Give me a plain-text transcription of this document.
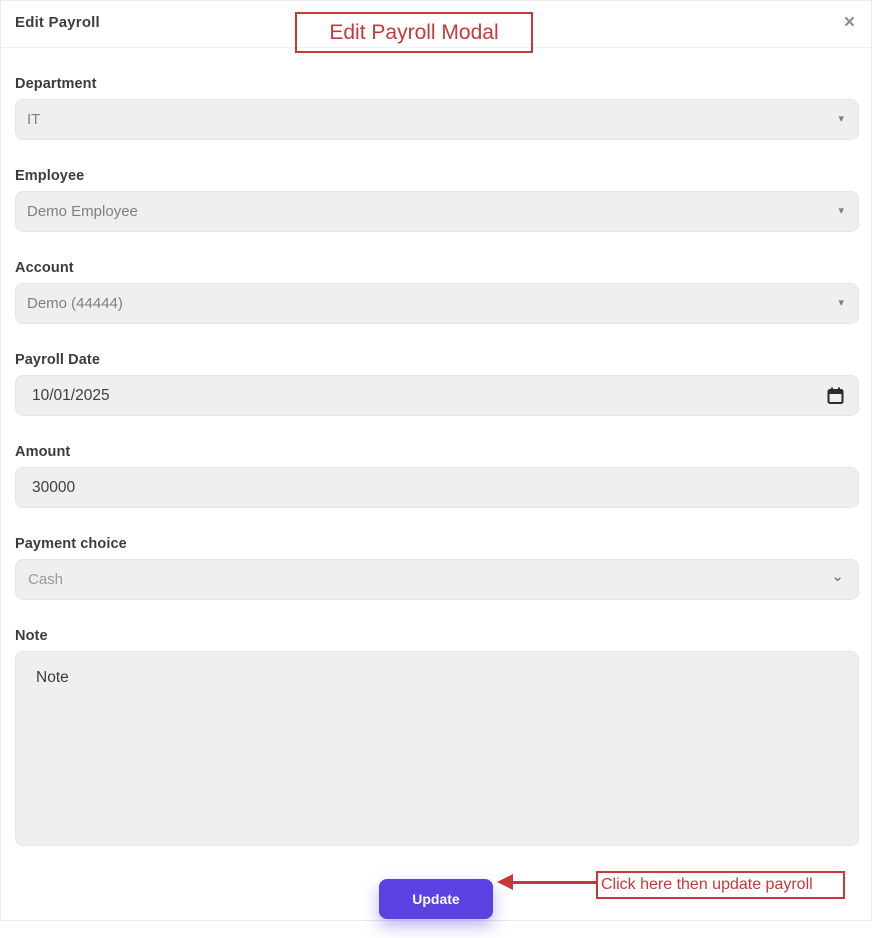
Edit Payroll	×
Department
IT	▾
Employee
Demo Employee	▾
Account
Demo (44444)	▾
Payroll Date
10/01/2025
Amount
30000
Payment choice
Cash	⌄
Note
Note
Update
Edit Payroll Modal
Click here then update payroll
